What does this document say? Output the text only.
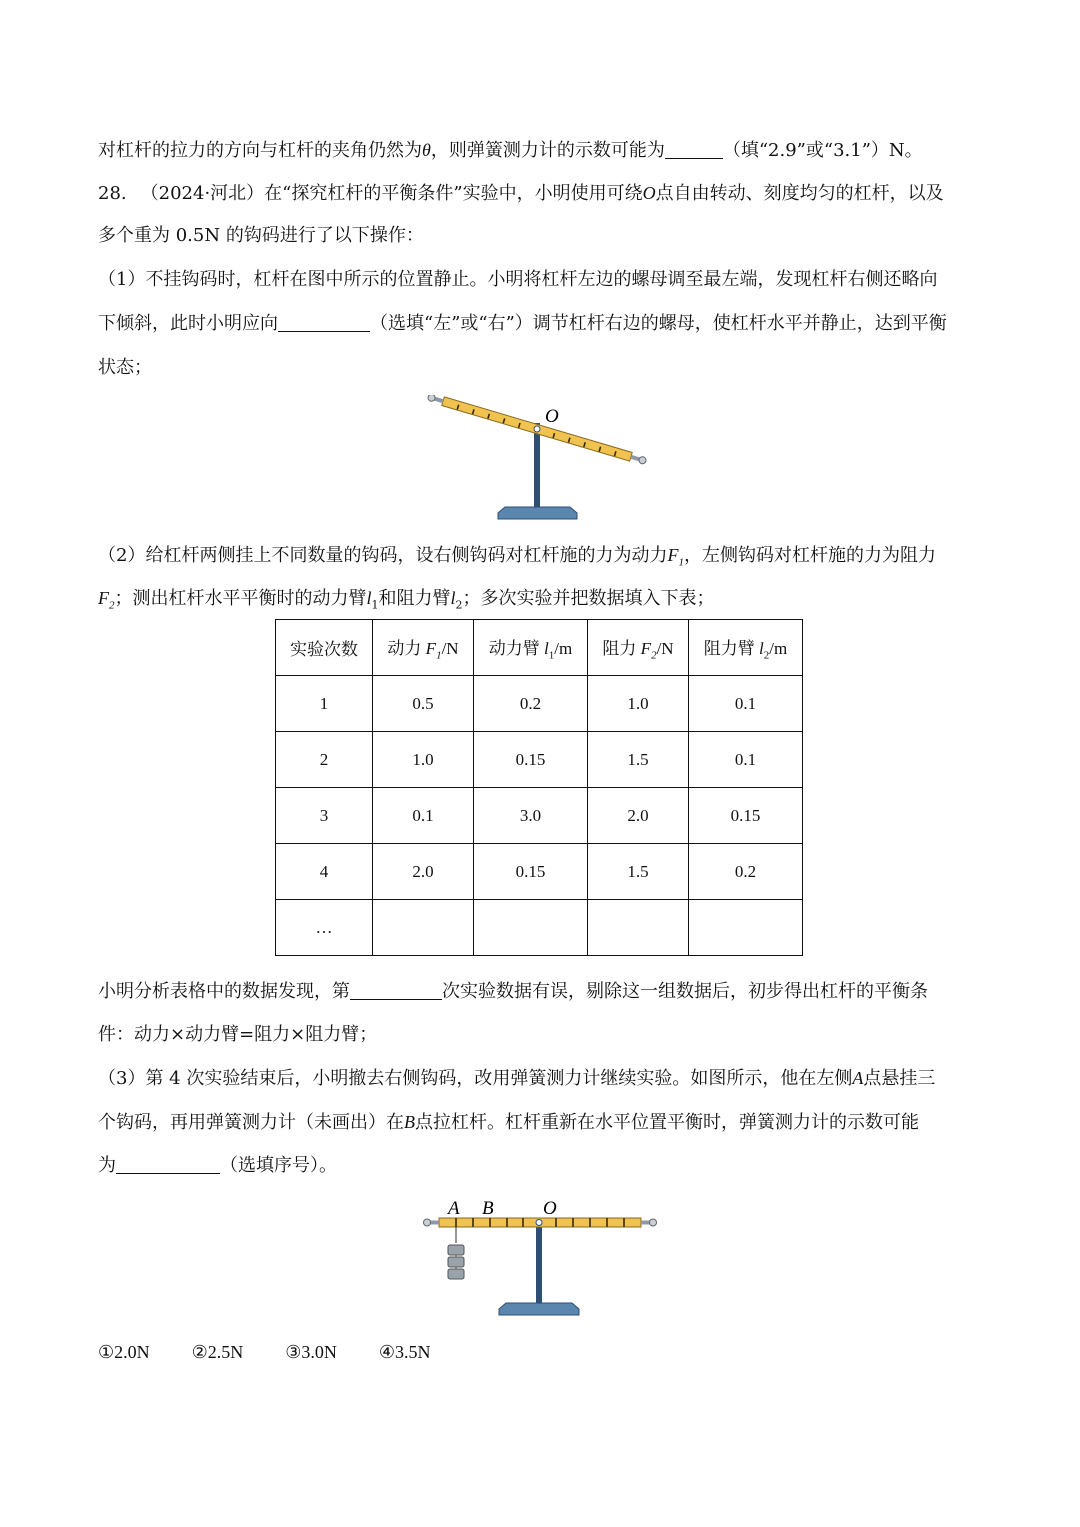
对杠杆的拉力的方向与杠杆的夹角仍然为θ，则弹簧测力计的示数可能为	（填“2.9”或“3.1”）N。
28. （2024·河北）在“探究杠杆的平衡条件”实验中，小明使用可绕O点自由转动、刻度均匀的杠杆，以及
多个重为 0.5N 的钩码进行了以下操作：
（1）不挂钩码时，杠杆在图中所示的位置静止。小明将杠杆左边的螺母调至最左端，发现杠杆右侧还略向
下倾斜，此时小明应向	（选填“左”或“右”）调节杠杆右边的螺母，使杠杆水平并静止，达到平衡
状态；
O
（2）给杠杆两侧挂上不同数量的钩码，设右侧钩码对杠杆施的力为动力$F_1$，左侧钩码对杠杆施的力为阻力
$F_2$；测出杠杆水平平衡时的动力臂$l_1$和阻力臂$l_2$；多次实验并把数据填入下表；
实验次数	动力 $F_1/N$	动力臂 $l_1/m$	阻力 $F_2/N$	阻力臂 $l_2/m$
1	0.5	0.2	1.0	0.1
2	1.0	0.15	1.5	0.1
3	0.1	3.0	2.0	0.15
4	2.0	0.15	1.5	0.2
…				
小明分析表格中的数据发现，第	次实验数据有误，剔除这一组数据后，初步得出杠杆的平衡条
件：动力×动力臂=阻力×阻力臂；
（3）第 4 次实验结束后，小明撤去右侧钩码，改用弹簧测力计继续实验。如图所示，他在左侧A点悬挂三
个钩码，再用弹簧测力计（未画出）在B点拉杠杆。杠杆重新在水平位置平衡时，弹簧测力计的示数可能
为	（选填序号）。
A B	O
①2.0N ②2.5N ③3.0N ④3.5N
